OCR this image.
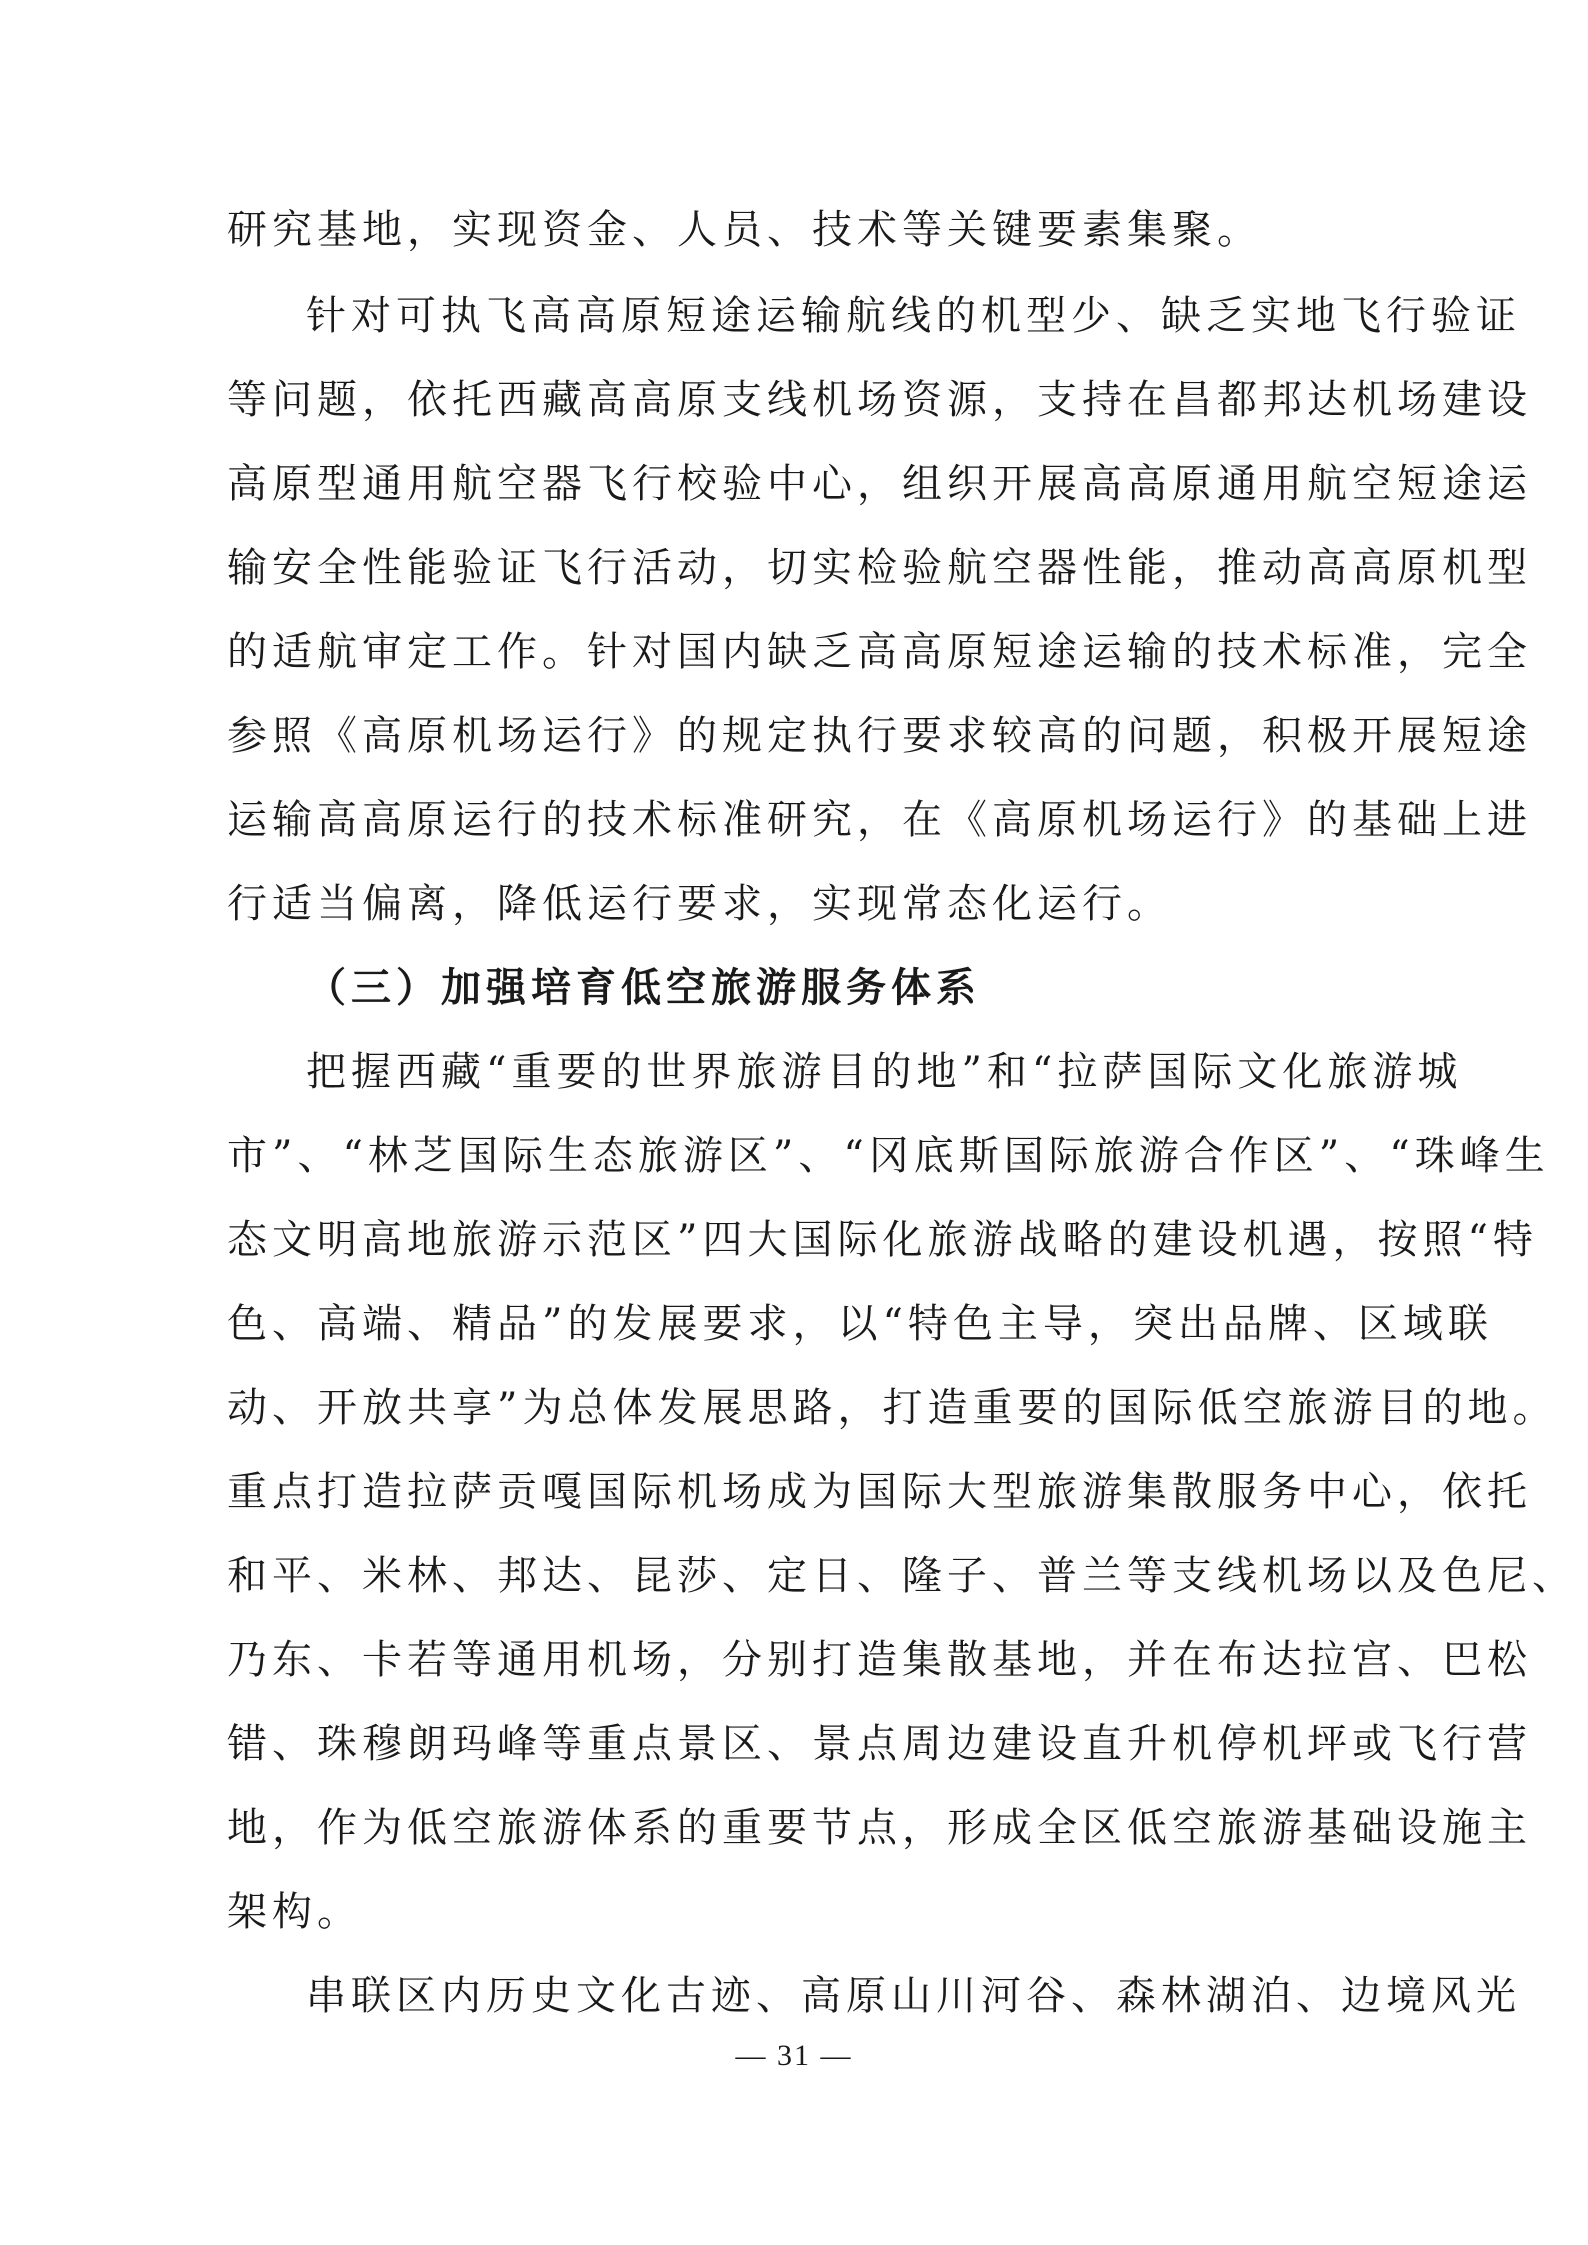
研究基地，实现资金、人员、技术等关键要素集聚。
针对可执飞高高原短途运输航线的机型少、缺乏实地飞行验证
等问题，依托西藏高高原支线机场资源，支持在昌都邦达机场建设
高原型通用航空器飞行校验中心，组织开展高高原通用航空短途运
输安全性能验证飞行活动，切实检验航空器性能，推动高高原机型
的适航审定工作。针对国内缺乏高高原短途运输的技术标准，完全
参照《高原机场运行》的规定执行要求较高的问题，积极开展短途
运输高高原运行的技术标准研究，在《高原机场运行》的基础上进
行适当偏离，降低运行要求，实现常态化运行。
（三）加强培育低空旅游服务体系
把握西藏“重要的世界旅游目的地”和“拉萨国际文化旅游城
市”、“林芝国际生态旅游区”、“冈底斯国际旅游合作区”、“珠峰生
态文明高地旅游示范区”四大国际化旅游战略的建设机遇，按照“特
色、高端、精品”的发展要求，以“特色主导，突出品牌、区域联
动、开放共享”为总体发展思路，打造重要的国际低空旅游目的地。
重点打造拉萨贡嘎国际机场成为国际大型旅游集散服务中心，依托
和平、米林、邦达、昆莎、定日、隆子、普兰等支线机场以及色尼、
乃东、卡若等通用机场，分别打造集散基地，并在布达拉宫、巴松
错、珠穆朗玛峰等重点景区、景点周边建设直升机停机坪或飞行营
地，作为低空旅游体系的重要节点，形成全区低空旅游基础设施主
架构。
串联区内历史文化古迹、高原山川河谷、森林湖泊、边境风光
— 31 —
